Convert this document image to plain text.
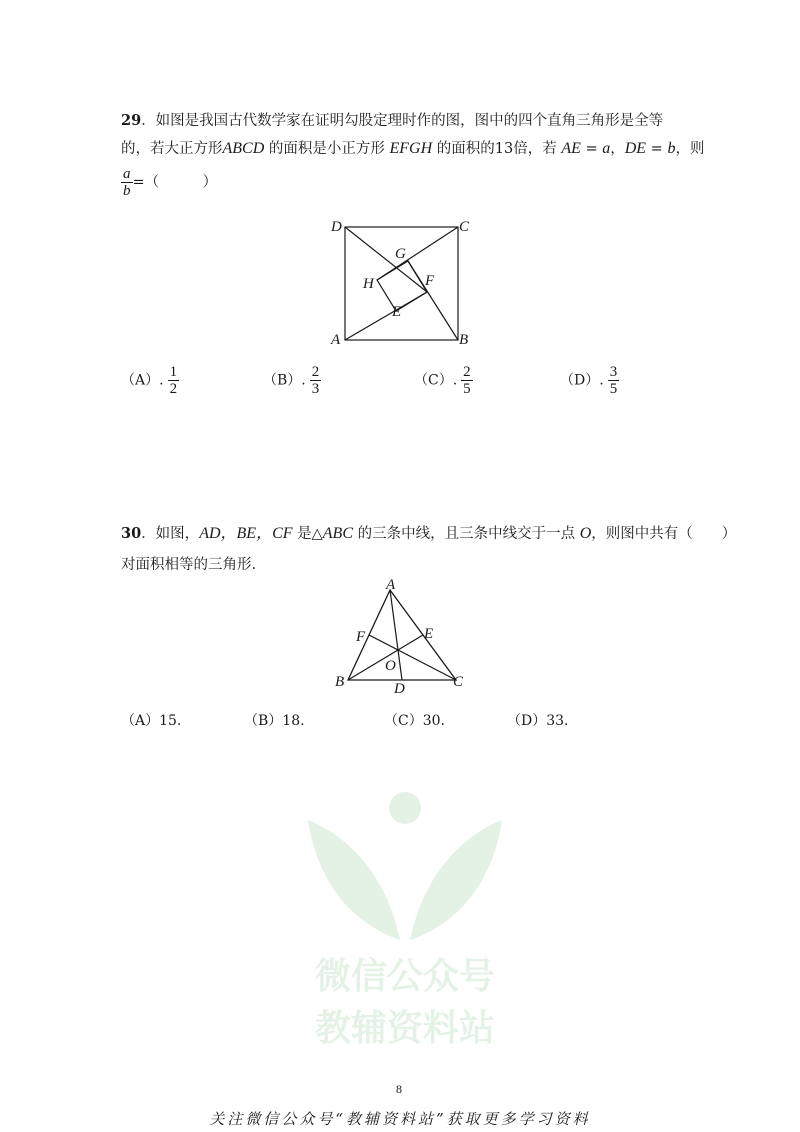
29．如图是我国古代数学家在证明勾股定理时作的图，图中的四个直角三角形是全等
的，若大正方形ABCD 的面积是小正方形 EFGH 的面积的13倍，若 AE = a，DE = b，则
$\frac{a}{b}$ =（　　　）
D	C
A	B
G
F
H
E
（A）. $\frac{1}{2}$	（B）. $\frac{2}{3}$	（C）. $\frac{2}{5}$	（D）. $\frac{3}{5}$
30．如图，AD，BE，CF 是△ABC 的三条中线，且三条中线交于一点 O，则图中共有（　　）
对面积相等的三角形.
A
F	E
O
B	D	C
（A）15.	（B）18.	（C）30.	（D）33.
微信公众号
教辅资料站
8
关注微信公众号“教辅资料站”获取更多学习资料
